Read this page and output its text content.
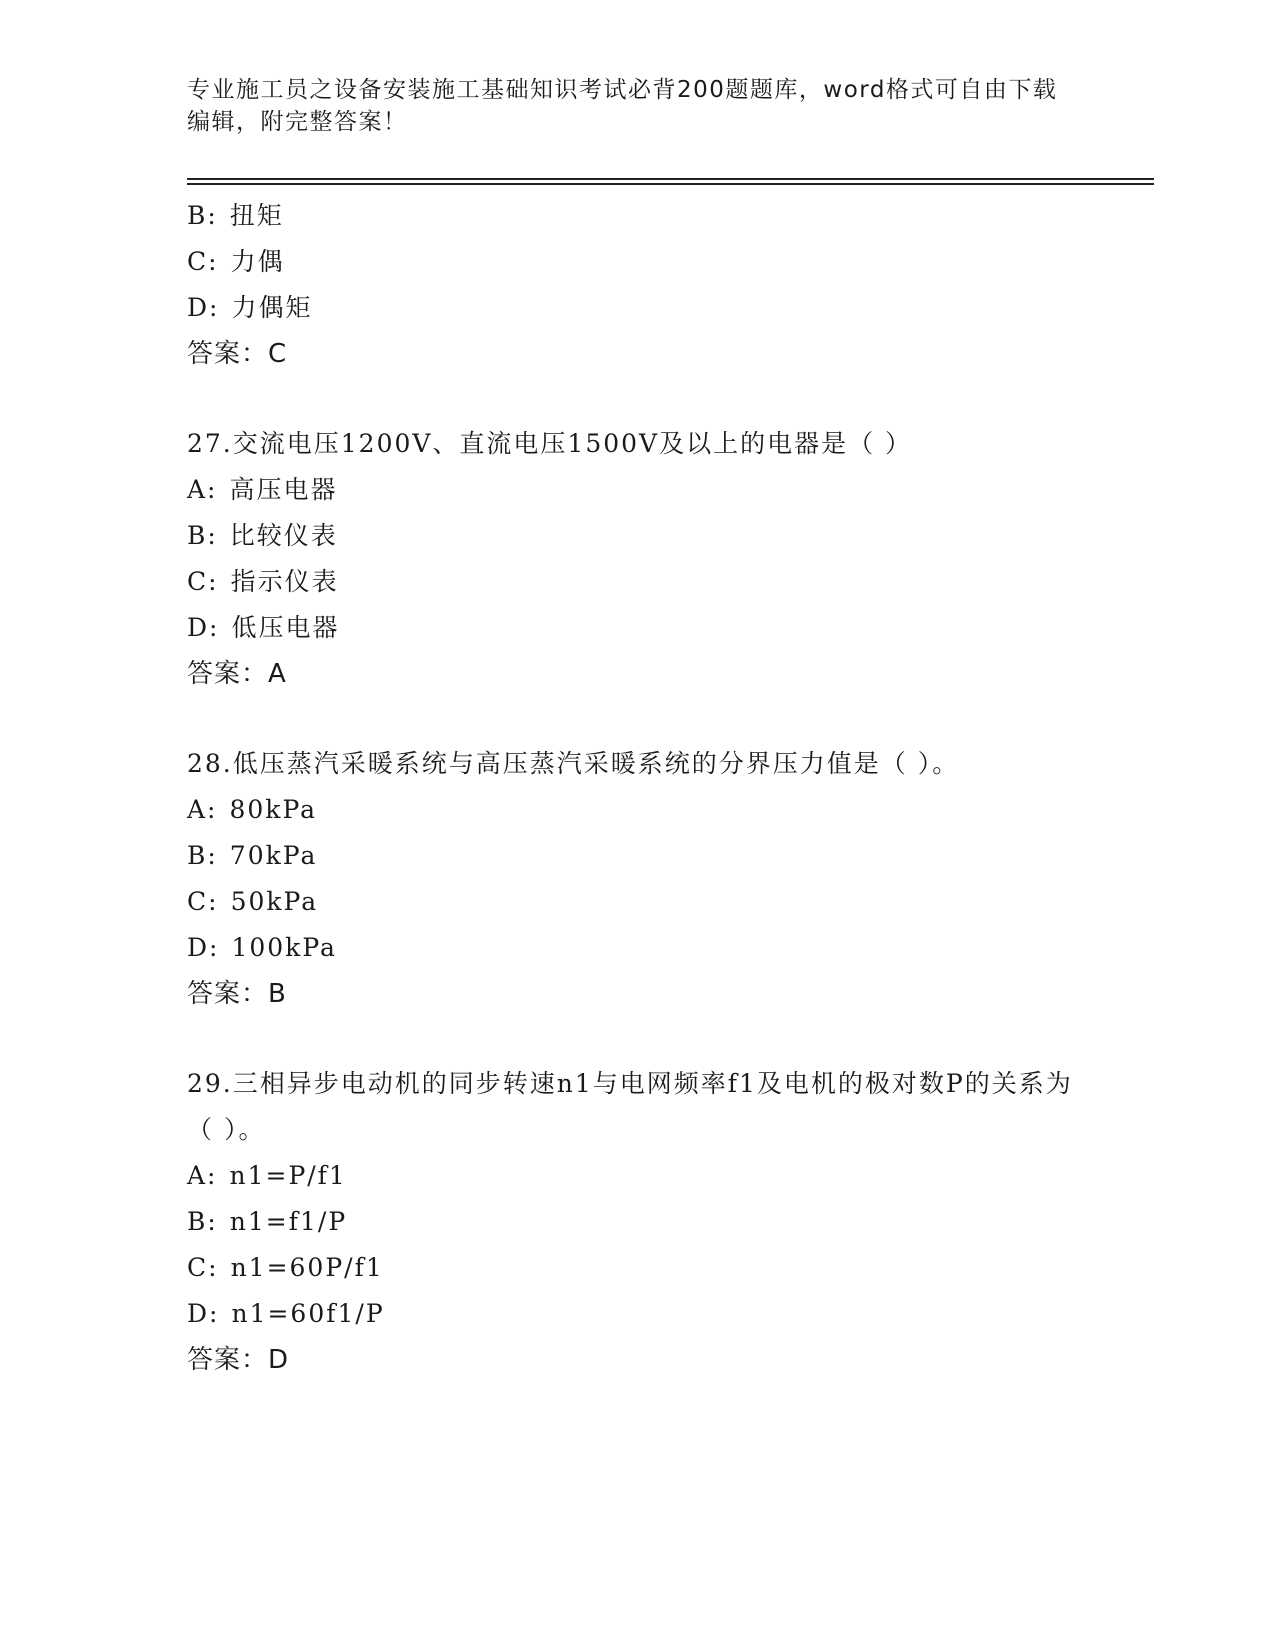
专业施工员之设备安装施工基础知识考试必背200题题库，word格式可自由下载编辑，附完整答案！
B: 扭矩
C: 力偶
D: 力偶矩
答案：C
27.交流电压1200V、直流电压1500V及以上的电器是（ ）
A: 高压电器
B: 比较仪表
C: 指示仪表
D: 低压电器
答案：A
28.低压蒸汽采暖系统与高压蒸汽采暖系统的分界压力值是（ ）。
A: 80kPa
B: 70kPa
C: 50kPa
D: 100kPa
答案：B
29.三相异步电动机的同步转速n1与电网频率f1及电机的极对数P的关系为（ ）。
A: n1=P/f1
B: n1=f1/P
C: n1=60P/f1
D: n1=60f1/P
答案：D
